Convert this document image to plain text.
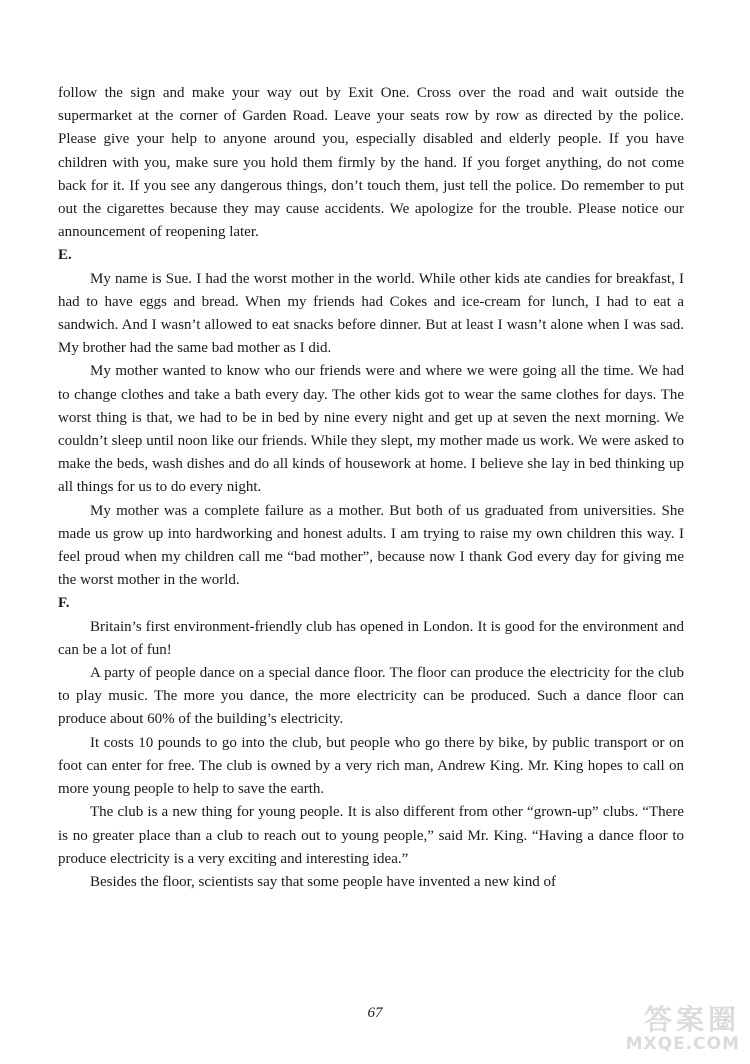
follow the sign and make your way out by Exit One. Cross over the road and wait outside the supermarket at the corner of Garden Road. Leave your seats row by row as directed by the police. Please give your help to anyone around you, especially disabled and elderly people. If you have children with you, make sure you hold them firmly by the hand. If you forget anything, do not come back for it. If you see any dangerous things, don’t touch them, just tell the police. Do remember to put out the cigarettes because they may cause accidents. We apologize for the trouble. Please notice our announcement of reopening later.

E.

My name is Sue. I had the worst mother in the world. While other kids ate candies for breakfast, I had to have eggs and bread. When my friends had Cokes and ice-cream for lunch, I had to eat a sandwich. And I wasn’t allowed to eat snacks before dinner. But at least I wasn’t alone when I was sad. My brother had the same bad mother as I did.

My mother wanted to know who our friends were and where we were going all the time. We had to change clothes and take a bath every day. The other kids got to wear the same clothes for days. The worst thing is that, we had to be in bed by nine every night and get up at seven the next morning. We couldn’t sleep until noon like our friends. While they slept, my mother made us work. We were asked to make the beds, wash dishes and do all kinds of housework at home. I believe she lay in bed thinking up all things for us to do every night.

My mother was a complete failure as a mother. But both of us graduated from universities. She made us grow up into hardworking and honest adults. I am trying to raise my own children this way. I feel proud when my children call me “bad mother”, because now I thank God every day for giving me the worst mother in the world.

F.

Britain’s first environment-friendly club has opened in London. It is good for the environment and can be a lot of fun!

A party of people dance on a special dance floor. The floor can produce the electricity for the club to play music. The more you dance, the more electricity can be produced. Such a dance floor can produce about 60% of the building’s electricity.

It costs 10 pounds to go into the club, but people who go there by bike, by public transport or on foot can enter for free. The club is owned by a very rich man, Andrew King. Mr. King hopes to call on more young people to help to save the earth.

The club is a new thing for young people. It is also different from other “grown-up” clubs. “There is no greater place than a club to reach out to young people,” said Mr. King. “Having a dance floor to produce electricity is a very exciting and interesting idea.”

Besides the floor, scientists say that some people have invented a new kind of

67	答案圈
MXQE.COM
